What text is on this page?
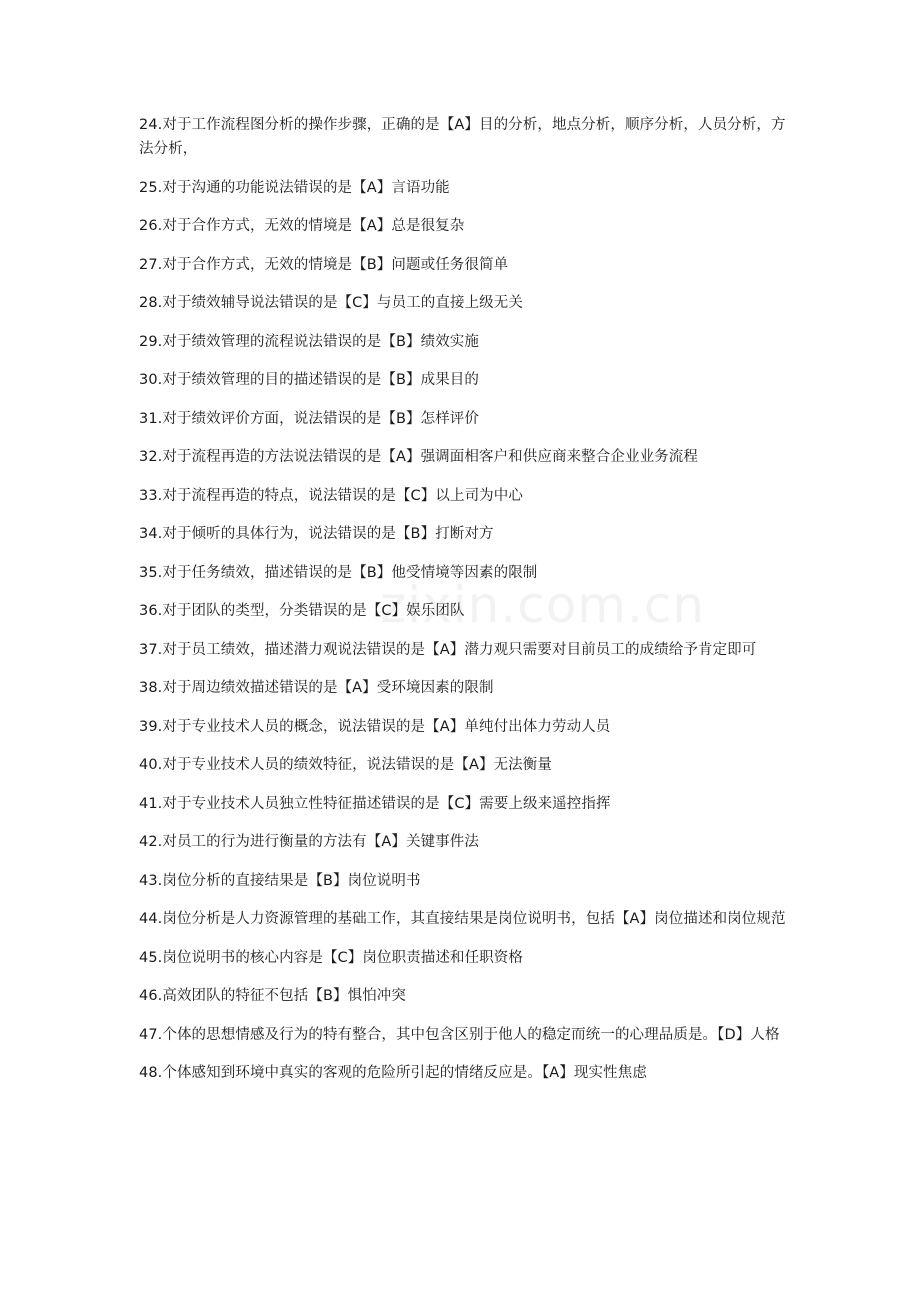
zixin.com.cn

24.对于工作流程图分析的操作步骤，正确的是【A】目的分析，地点分析，顺序分析，人员分析，方法分析，

25.对于沟通的功能说法错误的是【A】言语功能

26.对于合作方式，无效的情境是【A】总是很复杂

27.对于合作方式，无效的情境是【B】问题或任务很简单

28.对于绩效辅导说法错误的是【C】与员工的直接上级无关

29.对于绩效管理的流程说法错误的是【B】绩效实施

30.对于绩效管理的目的描述错误的是【B】成果目的

31.对于绩效评价方面，说法错误的是【B】怎样评价

32.对于流程再造的方法说法错误的是【A】强调面相客户和供应商来整合企业业务流程

33.对于流程再造的特点，说法错误的是【C】以上司为中心

34.对于倾听的具体行为，说法错误的是【B】打断对方

35.对于任务绩效，描述错误的是【B】他受情境等因素的限制

36.对于团队的类型，分类错误的是【C】娱乐团队

37.对于员工绩效，描述潜力观说法错误的是【A】潜力观只需要对目前员工的成绩给予肯定即可

38.对于周边绩效描述错误的是【A】受环境因素的限制

39.对于专业技术人员的概念，说法错误的是【A】单纯付出体力劳动人员

40.对于专业技术人员的绩效特征，说法错误的是【A】无法衡量

41.对于专业技术人员独立性特征描述错误的是【C】需要上级来遥控指挥

42.对员工的行为进行衡量的方法有【A】关键事件法

43.岗位分析的直接结果是【B】岗位说明书

44.岗位分析是人力资源管理的基础工作，其直接结果是岗位说明书，包括【A】岗位描述和岗位规范

45.岗位说明书的核心内容是【C】岗位职责描述和任职资格

46.高效团队的特征不包括【B】惧怕冲突

47.个体的思想情感及行为的特有整合，其中包含区别于他人的稳定而统一的心理品质是。【D】人格

48.个体感知到环境中真实的客观的危险所引起的情绪反应是。【A】现实性焦虑
